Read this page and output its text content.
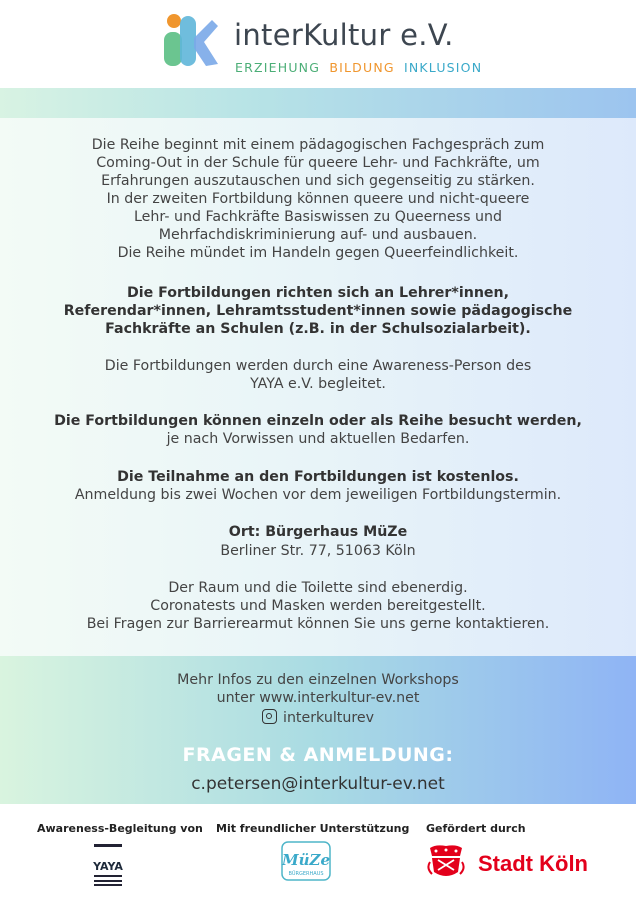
interKultur e.V.
ERZIEHUNG BILDUNG INKLUSION
Die Reihe beginnt mit einem pädagogischen Fachgespräch zum
Coming-Out in der Schule für queere Lehr- und Fachkräfte, um
Erfahrungen auszutauschen und sich gegenseitig zu stärken.
In der zweiten Fortbildung können queere und nicht-queere
Lehr- und Fachkräfte Basiswissen zu Queerness und
Mehrfachdiskriminierung auf- und ausbauen.
Die Reihe mündet im Handeln gegen Queerfeindlichkeit.
Die Fortbildungen richten sich an Lehrer*innen,
Referendar*innen, Lehramtsstudent*innen sowie pädagogische
Fachkräfte an Schulen (z.B. in der Schulsozialarbeit).
Die Fortbildungen werden durch eine Awareness-Person des
YAYA e.V. begleitet.
Die Fortbildungen können einzeln oder als Reihe besucht werden,
je nach Vorwissen und aktuellen Bedarfen.
Die Teilnahme an den Fortbildungen ist kostenlos.
Anmeldung bis zwei Wochen vor dem jeweiligen Fortbildungstermin.
Ort: Bürgerhaus MüZe
Berliner Str. 77, 51063 Köln
Der Raum und die Toilette sind ebenerdig.
Coronatests und Masken werden bereitgestellt.
Bei Fragen zur Barrierearmut können Sie uns gerne kontaktieren.
Mehr Infos zu den einzelnen Workshops
unter www.interkultur-ev.net
interkulturev
FRAGEN & ANMELDUNG:
c.petersen@interkultur-ev.net
Awareness-Begleitung von Mit freundlicher Unterstützung Gefördert durch
YAYA	MüZe
BÜRGERHAUS	Stadt Köln
